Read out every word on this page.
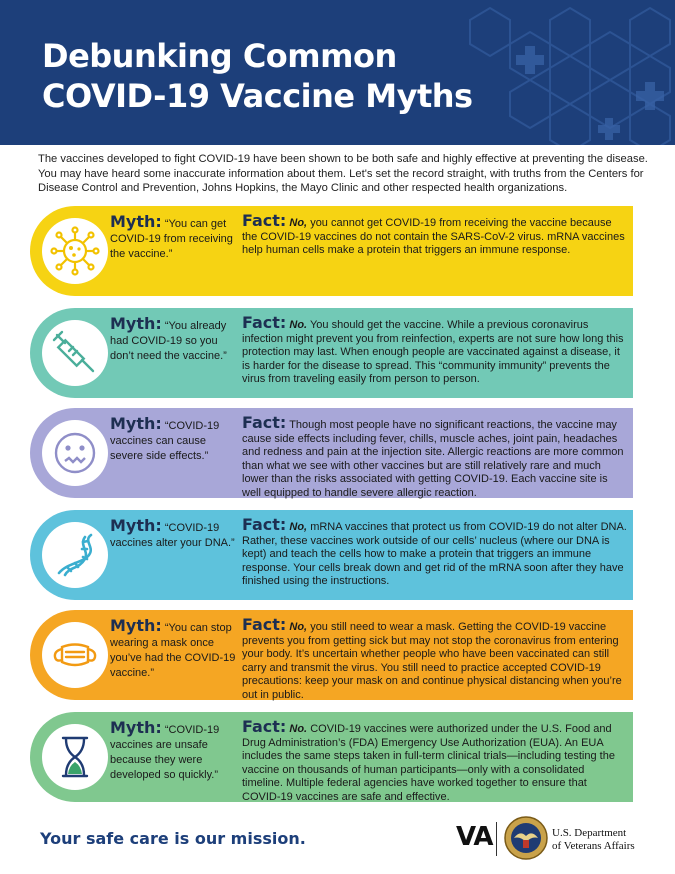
Debunking Common
COVID-19 Vaccine Myths
The vaccines developed to fight COVID-19 have been shown to be both safe and highly effective at preventing the disease. You may have heard some inaccurate information about them. Let's set the record straight, with truths from the Centers for Disease Control and Prevention, Johns Hopkins, the Mayo Clinic and other respected health organizations.
Myth: “You can get COVID-19 from receiving the vaccine.”
Fact: No, you cannot get COVID-19 from receiving the vaccine because the COVID-19 vaccines do not contain the SARS-CoV-2 virus. mRNA vaccines help human cells make a protein that triggers an immune response.
Myth: “You already had COVID-19 so you don’t need the vaccine.”
Fact: No. You should get the vaccine. While a previous coronavirus infection might prevent you from reinfection, experts are not sure how long this protection may last. When enough people are vaccinated against a disease, it is harder for the disease to spread. This “community immunity” prevents the virus from traveling easily from person to person.
Myth: “COVID-19 vaccines can cause severe side effects.”
Fact: Though most people have no significant reactions, the vaccine may cause side effects including fever, chills, muscle aches, joint pain, headaches and redness and pain at the injection site. Allergic reactions are more common than what we see with other vaccines but are still relatively rare and much lower than the risks associated with getting COVID-19. Each vaccine site is well equipped to handle severe allergic reaction.
Myth: “COVID-19 vaccines alter your DNA.”
Fact: No, mRNA vaccines that protect us from COVID-19 do not alter DNA. Rather, these vaccines work outside of our cells’ nucleus (where our DNA is kept) and teach the cells how to make a protein that triggers an immune response. Your cells break down and get rid of the mRNA soon after they have finished using the instructions.
Myth: “You can stop wearing a mask once you’ve had the COVID-19 vaccine.”
Fact: No, you still need to wear a mask. Getting the COVID-19 vaccine prevents you from getting sick but may not stop the coronavirus from entering your body. It’s uncertain whether people who have been vaccinated can still carry and transmit the virus. You still need to practice accepted COVID-19 precautions: keep your mask on and continue physical distancing when you’re out in public.
Myth: “COVID-19 vaccines are unsafe because they were developed so quickly.”
Fact: No. COVID-19 vaccines were authorized under the U.S. Food and Drug Administration’s (FDA) Emergency Use Authorization (EUA). An EUA includes the same steps taken in full-term clinical trials—including testing the vaccine on thousands of human participants—only with a consolidated timeline. Multiple federal agencies have worked together to ensure that COVID-19 vaccines are safe and effective.
Your safe care is our mission.	VA	U.S. Department
of Veterans Affairs
